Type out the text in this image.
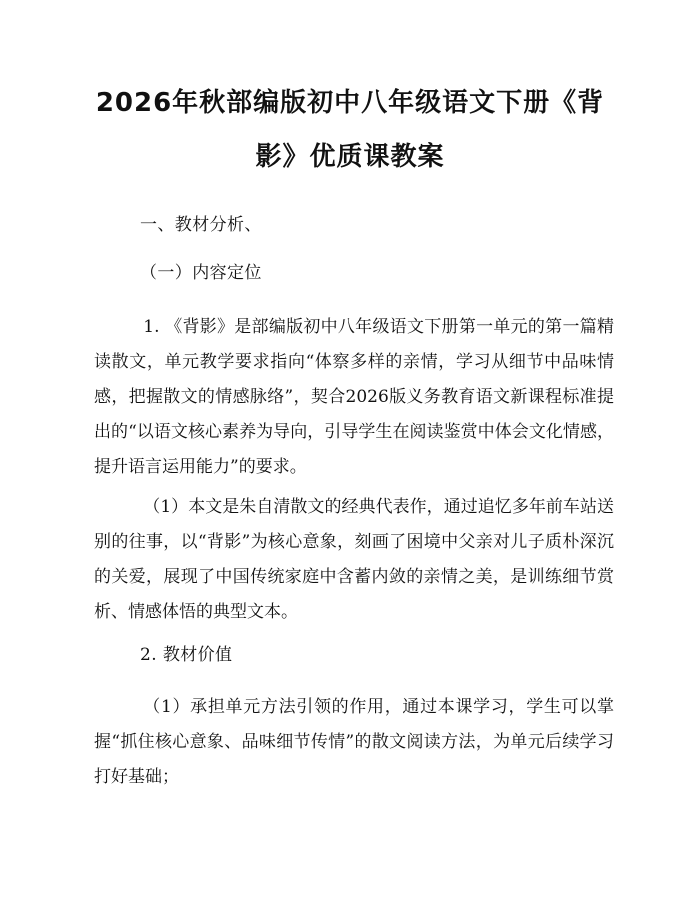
2026年秋部编版初中八年级语文下册《背
影》优质课教案
一、教材分析、
（一）内容定位
1. 《背影》是部编版初中八年级语文下册第一单元的第一篇精读散文，单元教学要求指向“体察多样的亲情，学习从细节中品味情感，把握散文的情感脉络”，契合2026版义务教育语文新课程标准提出的“以语文核心素养为导向，引导学生在阅读鉴赏中体会文化情感，提升语言运用能力”的要求。
（1）本文是朱自清散文的经典代表作，通过追忆多年前车站送别的往事，以“背影”为核心意象，刻画了困境中父亲对儿子质朴深沉的关爱，展现了中国传统家庭中含蓄内敛的亲情之美，是训练细节赏析、情感体悟的典型文本。
2. 教材价值
（1）承担单元方法引领的作用，通过本课学习，学生可以掌握“抓住核心意象、品味细节传情”的散文阅读方法，为单元后续学习打好基础；
